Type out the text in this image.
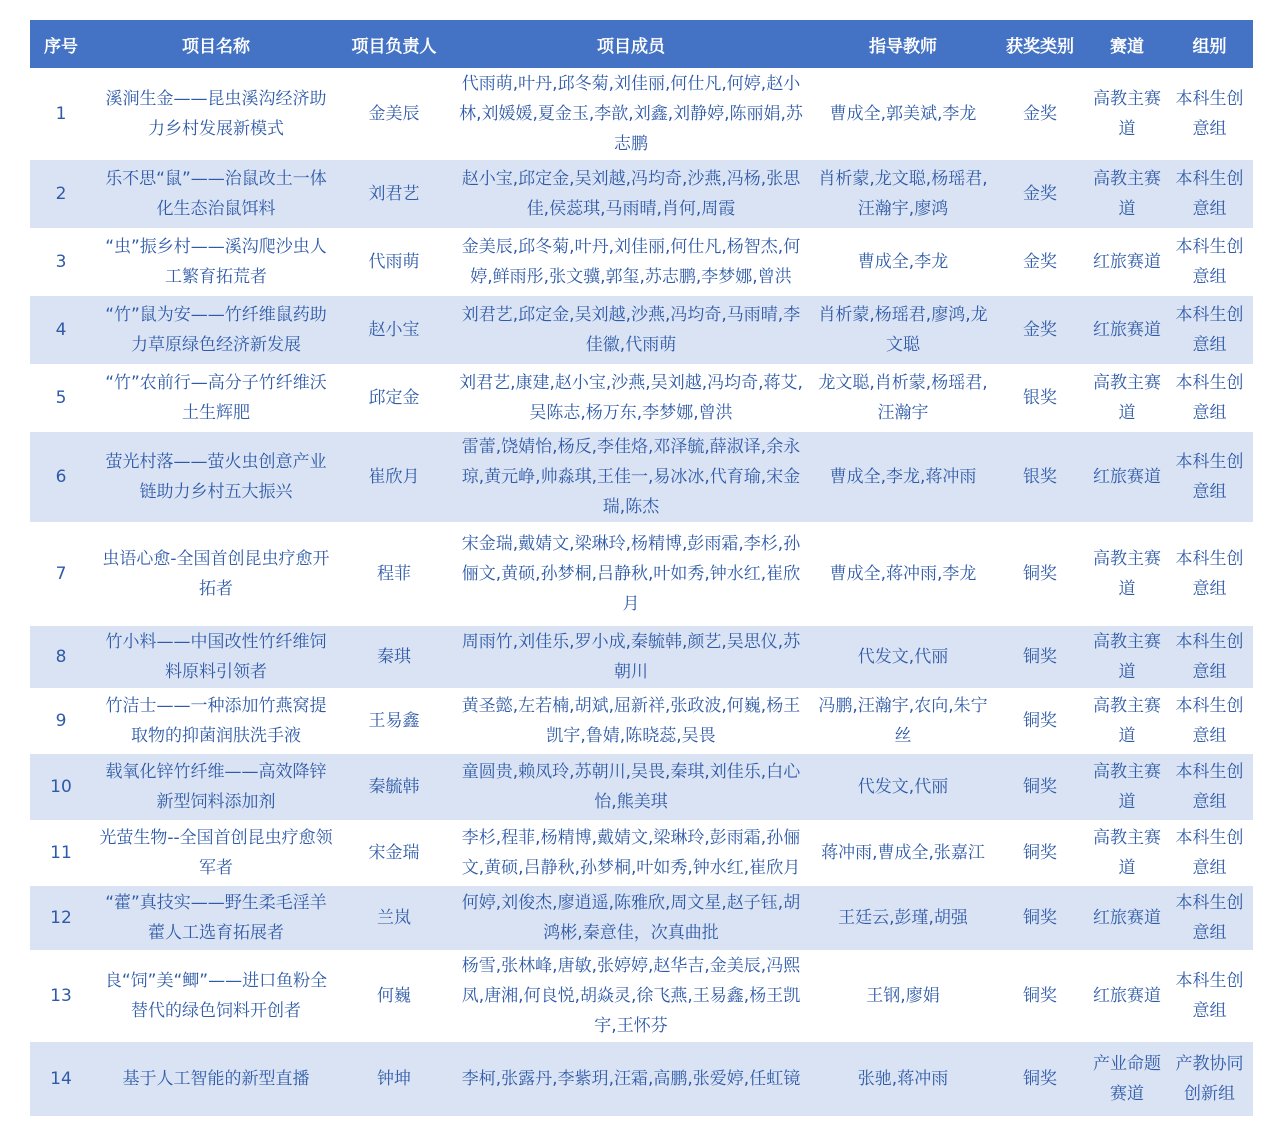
序号	项目名称	项目负责人	项目成员	指导教师	获奖类别	赛道	组别
1	溪涧生金——昆虫溪沟经济助力乡村发展新模式	金美辰	代雨萌,叶丹,邱冬菊,刘佳丽,何仕凡,何婷,赵小林,刘媛媛,夏金玉,李歆,刘鑫,刘静婷,陈丽娟,苏志鹏	曹成全,郭美斌,李龙	金奖	高教主赛道	本科生创意组
2	乐不思“鼠”——治鼠改土一体化生态治鼠饵料	刘君艺	赵小宝,邱定金,吴刘越,冯均奇,沙燕,冯杨,张思佳,侯蕊琪,马雨晴,肖何,周霞	肖析蒙,龙文聪,杨瑶君,汪瀚宇,廖鸿	金奖	高教主赛道	本科生创意组
3	“虫”振乡村——溪沟爬沙虫人工繁育拓荒者	代雨萌	金美辰,邱冬菊,叶丹,刘佳丽,何仕凡,杨智杰,何婷,鲜雨彤,张文骥,郭玺,苏志鹏,李梦娜,曾洪	曹成全,李龙	金奖	红旅赛道	本科生创意组
4	“竹”鼠为安——竹纤维鼠药助力草原绿色经济新发展	赵小宝	刘君艺,邱定金,吴刘越,沙燕,冯均奇,马雨晴,李佳徽,代雨萌	肖析蒙,杨瑶君,廖鸿,龙文聪	金奖	红旅赛道	本科生创意组
5	“竹”农前行—高分子竹纤维沃土生辉肥	邱定金	刘君艺,康建,赵小宝,沙燕,吴刘越,冯均奇,蒋艾,吴陈志,杨万东,李梦娜,曾洪	龙文聪,肖析蒙,杨瑶君,汪瀚宇	银奖	高教主赛道	本科生创意组
6	萤光村落——萤火虫创意产业链助力乡村五大振兴	崔欣月	雷蕾,饶婧怡,杨反,李佳烙,邓泽毓,薛淑译,余永琼,黄元峥,帅淼琪,王佳一,易冰冰,代育瑜,宋金瑞,陈杰	曹成全,李龙,蒋冲雨	银奖	红旅赛道	本科生创意组
7	虫语心愈-全国首创昆虫疗愈开拓者	程菲	宋金瑞,戴婧文,梁琳玲,杨精博,彭雨霜,李杉,孙俪文,黄硕,孙梦桐,吕静秋,叶如秀,钟水红,崔欣月	曹成全,蒋冲雨,李龙	铜奖	高教主赛道	本科生创意组
8	竹小料——中国改性竹纤维饲料原料引领者	秦琪	周雨竹,刘佳乐,罗小成,秦毓韩,颜艺,吴思仪,苏朝川	代发文,代丽	铜奖	高教主赛道	本科生创意组
9	竹洁士——一种添加竹燕窝提取物的抑菌润肤洗手液	王易鑫	黄圣懿,左若楠,胡斌,屈新祥,张政波,何巍,杨王凯宇,鲁婧,陈晓蕊,吴畏	冯鹏,汪瀚宇,农向,朱宁丝	铜奖	高教主赛道	本科生创意组
10	载氧化锌竹纤维——高效降锌新型饲料添加剂	秦毓韩	童圆贵,赖凤玲,苏朝川,吴畏,秦琪,刘佳乐,白心怡,熊美琪	代发文,代丽	铜奖	高教主赛道	本科生创意组
11	光萤生物--全国首创昆虫疗愈领军者	宋金瑞	李杉,程菲,杨精博,戴婧文,梁琳玲,彭雨霜,孙俪文,黄硕,吕静秋,孙梦桐,叶如秀,钟水红,崔欣月	蒋冲雨,曹成全,张嘉江	铜奖	高教主赛道	本科生创意组
12	“藿”真技实——野生柔毛淫羊藿人工选育拓展者	兰岚	何婷,刘俊杰,廖逍遥,陈雅欣,周文星,赵子钰,胡鸿彬,秦意佳，次真曲批	王廷云,彭瑾,胡强	铜奖	红旅赛道	本科生创意组
13	良“饲”美“鲫”——进口鱼粉全替代的绿色饲料开创者	何巍	杨雪,张林峰,唐敏,张婷婷,赵华吉,金美辰,冯熙凤,唐湘,何良悦,胡焱灵,徐飞燕,王易鑫,杨王凯宇,王怀芬	王钢,廖娟	铜奖	红旅赛道	本科生创意组
14	基于人工智能的新型直播	钟坤	李柯,张露丹,李紫玥,汪霜,高鹏,张爱婷,任虹镜	张驰,蒋冲雨	铜奖	产业命题赛道	产教协同创新组
